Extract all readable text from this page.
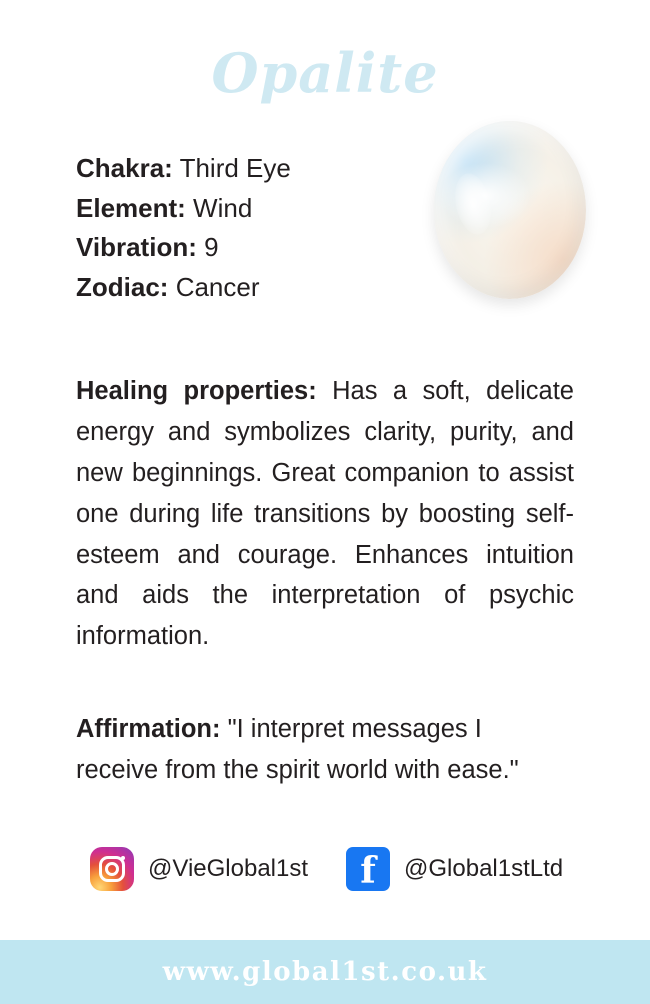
Opalite
Chakra: Third Eye
Element: Wind
Vibration: 9
Zodiac: Cancer

Healing properties: Has a soft, delicate energy and symbolizes clarity, purity, and new beginnings. Great companion to assist one during life transitions by boosting self-esteem and courage. Enhances intuition and aids the interpretation of psychic information.

Affirmation: "I interpret messages I receive from the spirit world with ease."

@VieGlobal1st	f	@Global1stLtd
www.global1st.co.uk
